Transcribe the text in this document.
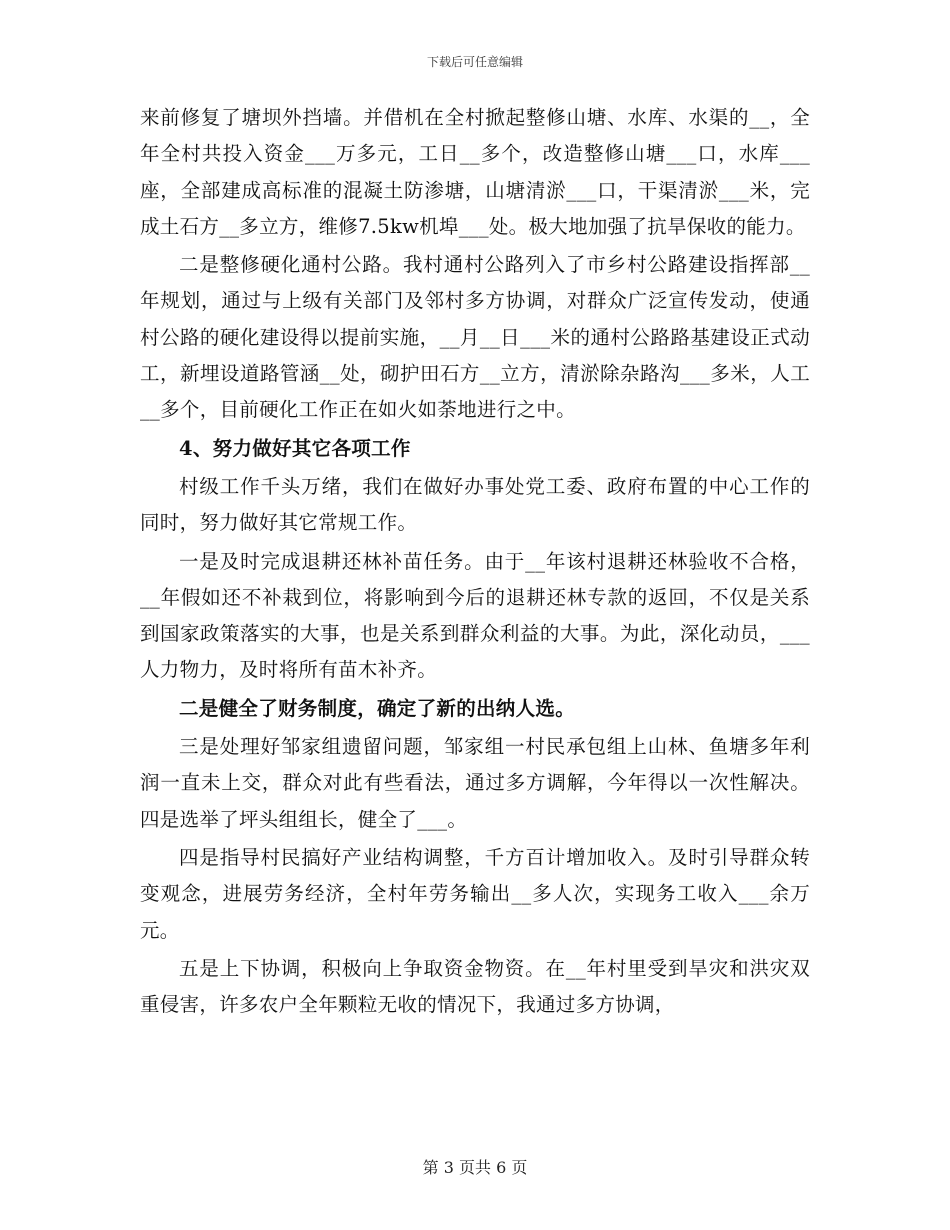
下载后可任意编辑

来前修复了塘坝外挡墙。并借机在全村掀起整修山塘、水库、水渠的__，全年全村共投入资金___万多元，工日__多个，改造整修山塘___口，水库___座，全部建成高标准的混凝土防渗塘，山塘清淤___口，干渠清淤___米，完成土石方__多立方，维修7.5kw机埠___处。极大地加强了抗旱保收的能力。

二是整修硬化通村公路。我村通村公路列入了市乡村公路建设指挥部__年规划，通过与上级有关部门及邻村多方协调，对群众广泛宣传发动，使通村公路的硬化建设得以提前实施，__月__日___米的通村公路路基建设正式动工，新埋设道路管涵__处，砌护田石方__立方，清淤除杂路沟___多米，人工__多个，目前硬化工作正在如火如荼地进行之中。

4、努力做好其它各项工作

村级工作千头万绪，我们在做好办事处党工委、政府布置的中心工作的同时，努力做好其它常规工作。

一是及时完成退耕还林补苗任务。由于__年该村退耕还林验收不合格，__年假如还不补栽到位，将影响到今后的退耕还林专款的返回，不仅是关系到国家政策落实的大事，也是关系到群众利益的大事。为此，深化动员，___人力物力，及时将所有苗木补齐。

二是健全了财务制度，确定了新的出纳人选。

三是处理好邹家组遗留问题，邹家组一村民承包组上山林、鱼塘多年利润一直未上交，群众对此有些看法，通过多方调解，今年得以一次性解决。四是选举了坪头组组长，健全了___。

四是指导村民搞好产业结构调整，千方百计增加收入。及时引导群众转变观念，进展劳务经济，全村年劳务输出__多人次，实现务工收入___余万元。

五是上下协调，积极向上争取资金物资。在__年村里受到旱灾和洪灾双重侵害，许多农户全年颗粒无收的情况下，我通过多方协调，

第 3 页共 6 页
